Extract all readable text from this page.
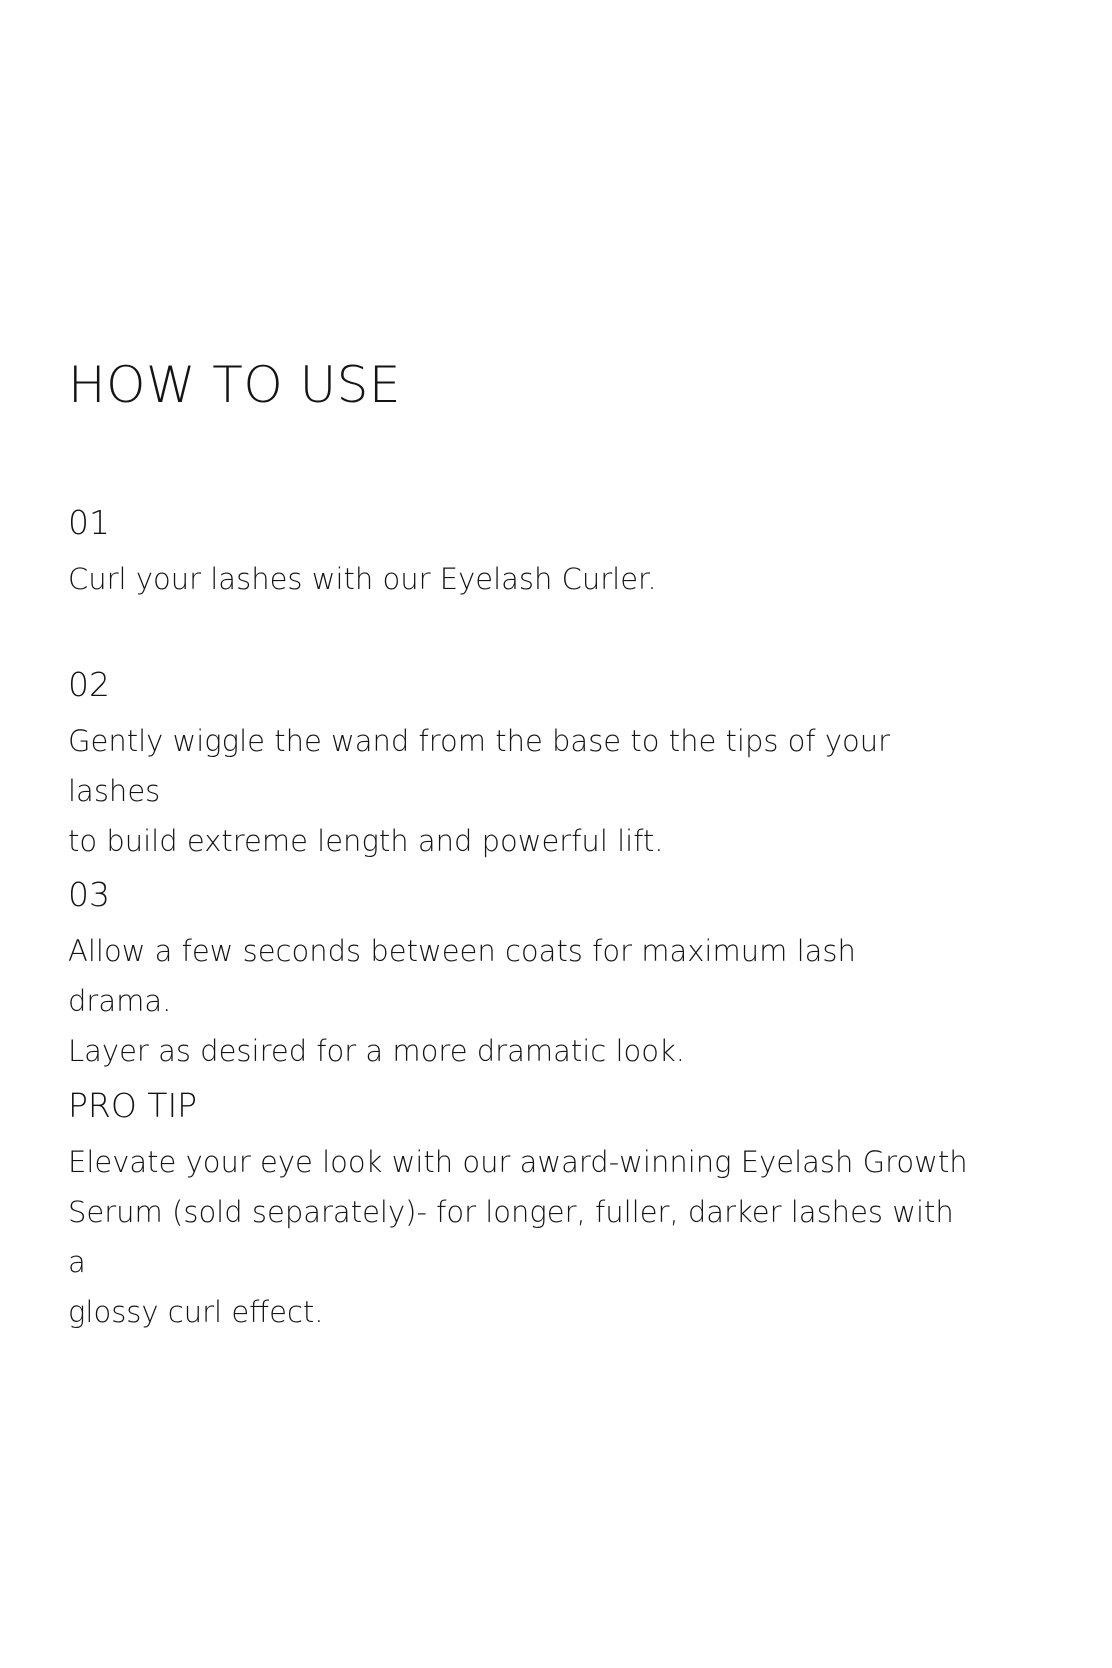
HOW TO USE
01

Curl your lashes with our Eyelash Curler.

02

Gently wiggle the wand from the base to the tips of your lashes
to build extreme length and powerful lift.

03

Allow a few seconds between coats for maximum lash drama.
Layer as desired for a more dramatic look.

PRO TIP

Elevate your eye look with our award-winning Eyelash Growth
Serum (sold separately)- for longer, fuller, darker lashes with a
glossy curl effect.
